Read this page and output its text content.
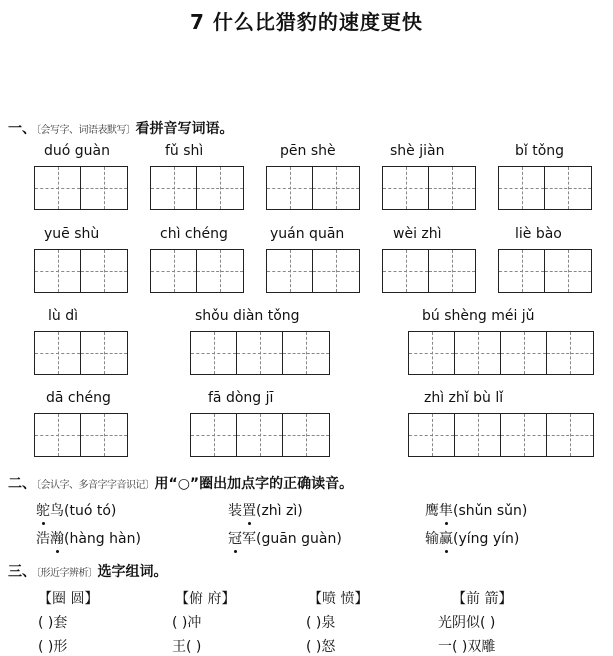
7 什么比猎豹的速度更快
一、〔会写字、词语表默写〕看拼音写词语。
duó guàn	fǔ shì	pēn shè	shè jiàn	bǐ tǒng
yuē shù	chì chéng	yuán quān	wèi zhì	liè bào
lù dì	shǒu diàn tǒng	bú shèng méi jǔ
dā chéng	fā dòng jī	zhì zhǐ bù lǐ
二、〔会认字、多音字字音识记〕用“○”圈出加点字的正确读音。
鸵鸟(tuó tó)	装置(zhì zì)	鹰隼(shǔn sǔn)
浩瀚(hàng hàn)	冠军(guān guàn)	输赢(yíng yín)
三、〔形近字辨析〕选字组词。
【圈 圆】	【俯 府】	【喷 愤】	【前 箭】
( )套	( )冲	( )泉	光阴似( )
( )形	王( )	( )怒	一( )双雕
